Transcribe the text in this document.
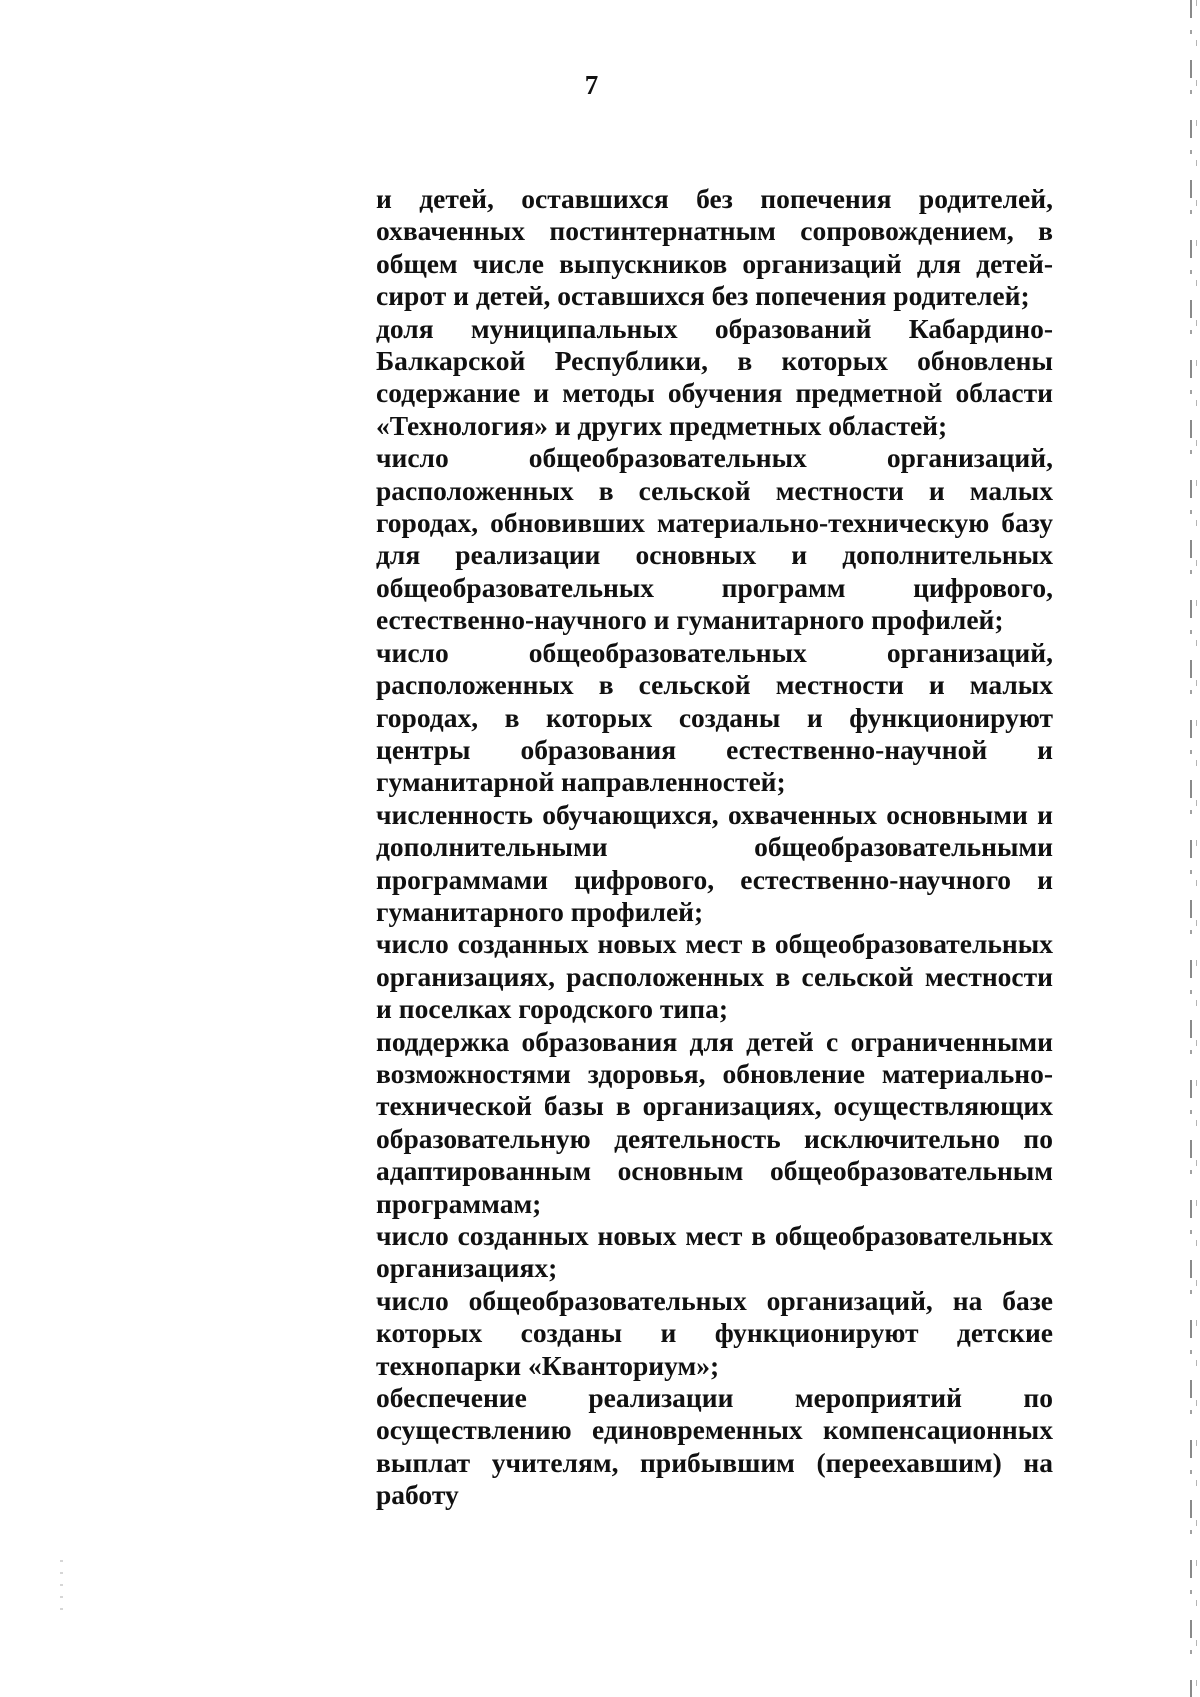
7

и детей, оставшихся без попечения родителей, охваченных постинтернатным сопровождением, в общем числе выпускников организаций для детей-сирот и детей, оставшихся без попечения родителей;

доля муниципальных образований Кабардино-Балкарской Республики, в которых обновлены содержание и методы обучения предметной области «Технология» и других предметных областей;

число общеобразовательных организаций, расположенных в сельской местности и малых городах, обновивших материально-техническую базу для реализации основных и дополнительных общеобразовательных программ цифрового, естественно-научного и гуманитарного профилей;

число общеобразовательных организаций, расположенных в сельской местности и малых городах, в которых созданы и функционируют центры образования естественно-научной и гуманитарной направленностей;

численность обучающихся, охваченных основными и дополнительными общеобразовательными программами цифрового, естественно-научного и гуманитарного профилей;

число созданных новых мест в общеобразовательных организациях, расположенных в сельской местности и поселках городского типа;

поддержка образования для детей с ограниченными возможностями здоровья, обновление материально-технической базы в организациях, осуществляющих образовательную деятельность исключительно по адаптированным основным общеобразовательным программам;

число созданных новых мест в общеобразовательных организациях;

число общеобразовательных организаций, на базе которых созданы и функционируют детские технопарки «Кванториум»;

обеспечение реализации мероприятий по осуществлению единовременных компенсационных выплат учителям, прибывшим (переехавшим) на работу
